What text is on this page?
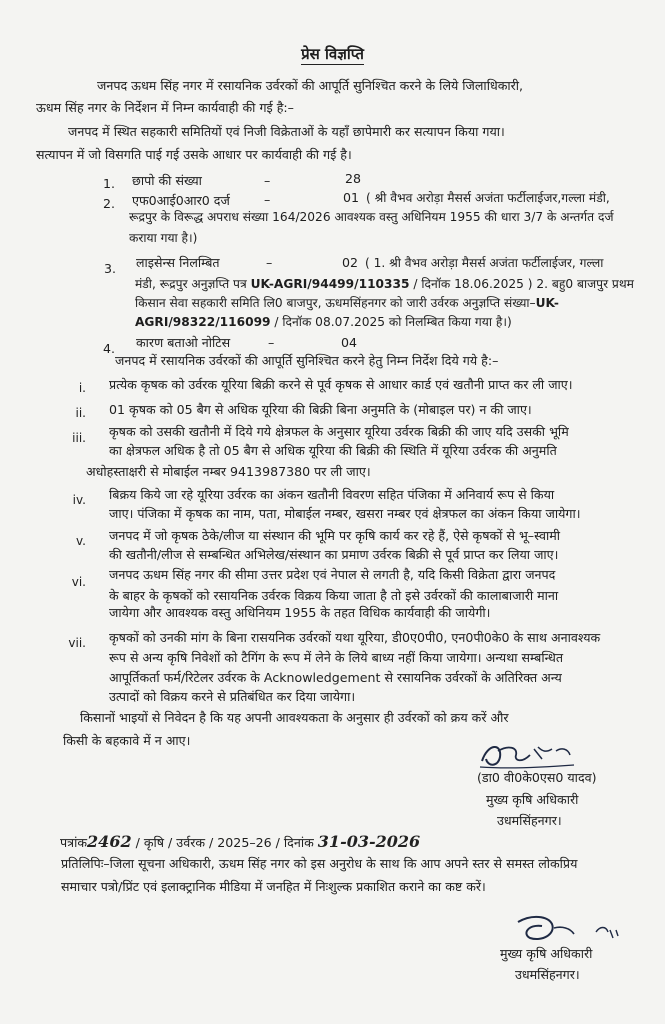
प्रेस विज्ञप्ति
जनपद ऊधम सिंह नगर में रसायनिक उर्वरकों की आपूर्ति सुनिश्चित करने के लिये जिलाधिकारी,
ऊधम सिंह नगर के निर्देशन में निम्न कार्यवाही की गई है:–
जनपद में स्थित सहकारी समितियों एवं निजी विक्रेताओं के यहाँ छापेमारी कर सत्यापन किया गया।
सत्यापन में जो विसगति पाई गई उसके आधार पर कार्यवाही की गई है।
1. छापो की संख्या	–	28
2. एफ0आई0आर0 दर्ज	–	01 ( श्री वैभव अरोड़ा मैसर्स अजंता फर्टीलाईजर,गल्ला मंडी,
रूद्रपुर के विरूद्ध अपराध संख्या 164/2026 आवश्यक वस्तु अधिनियम 1955 की धारा 3/7 के अन्तर्गत दर्ज
कराया गया है।)
3. लाइसेन्स निलम्बित	–	02 ( 1. श्री वैभव अरोड़ा मैसर्स अजंता फर्टीलाईजर, गल्ला
मंडी, रूद्रपुर अनुज्ञप्ति पत्र UK-AGRI/94499/110335 / दिनॉक 18.06.2025 ) 2. बहु0 बाजपुर प्रथम
किसान सेवा सहकारी समिति लि0 बाजपुर, ऊधमसिंहनगर को जारी उर्वरक अनुज्ञप्ति संख्या–UK-
AGRI/98322/116099 / दिनॉक 08.07.2025 को निलम्बित किया गया है।)
4. कारण बताओ नोटिस	–	04
जनपद में रसायनिक उर्वरकों की आपूर्ति सुनिश्चित करने हेतु निम्न निर्देश दिये गये है:–
i. प्रत्येक कृषक को उर्वरक यूरिया बिक्री करने से पूर्व कृषक से आधार कार्ड एवं खतौनी प्राप्त कर ली जाए।
ii. 01 कृषक को 05 बैग से अधिक यूरिया की बिक्री बिना अनुमति के (मोबाइल पर) न की जाए।
iii. कृषक को उसकी खतौनी में दिये गये क्षेत्रफल के अनुसार यूरिया उर्वरक बिक्री की जाए यदि उसकी भूमि
का क्षेत्रफल अधिक है तो 05 बैग से अधिक यूरिया की बिक्री की स्थिति में यूरिया उर्वरक की अनुमति
अधोहस्ताक्षरी से मोबाईल नम्बर 9413987380 पर ली जाए।
iv. बिक्रय किये जा रहे यूरिया उर्वरक का अंकन खतौनी विवरण सहित पंजिका में अनिवार्य रूप से किया
जाए। पंजिका में कृषक का नाम, पता, मोबाईल नम्बर, खसरा नम्बर एवं क्षेत्रफल का अंकन किया जायेगा।
v. जनपद में जो कृषक ठेके/लीज या संस्थान की भूमि पर कृषि कार्य कर रहे हैं, ऐसे कृषकों से भू–स्वामी
की खतौनी/लीज से सम्बन्धित अभिलेख/संस्थान का प्रमाण उर्वरक बिक्री से पूर्व प्राप्त कर लिया जाए।
vi. जनपद ऊधम सिंह नगर की सीमा उत्तर प्रदेश एवं नेपाल से लगती है, यदि किसी विक्रेता द्वारा जनपद
के बाहर के कृषकों को रसायनिक उर्वरक विक्रय किया जाता है तो इसे उर्वरकों की कालाबाजारी माना
जायेगा और आवश्यक वस्तु अधिनियम 1955 के तहत विधिक कार्यवाही की जायेगी।
vii. कृषकों को उनकी मांग के बिना रासयनिक उर्वरकों यथा यूरिया, डी0ए0पी0, एन0पी0के0 के साथ अनावश्यक
रूप से अन्य कृषि निवेशों को टैगिंग के रूप में लेने के लिये बाध्य नहीं किया जायेगा। अन्यथा सम्बन्धित
आपूर्तिकर्ता फर्म/रिटेलर उर्वरक के Acknowledgement से रसायनिक उर्वरकों के अतिरिक्त अन्य
उत्पादों को विक्रय करने से प्रतिबंधित कर दिया जायेगा।
किसानों भाइयों से निवेदन है कि यह अपनी आवश्यकता के अनुसार ही उर्वरकों को क्रय करें और
किसी के बहकावे में न आए।
(डा0 वी0के0एस0 यादव)
मुख्य कृषि अधिकारी
उधमसिंहनगर।
पत्रांक2462 / कृषि / उर्वरक / 2025–26 / दिनांक 31-03-2026
प्रतिलिपिः–जिला सूचना अधिकारी, ऊधम सिंह नगर को इस अनुरोध के साथ कि आप अपने स्तर से समस्त लोकप्रिय
समाचार पत्रो/प्रिंट एवं इलाक्ट्रानिक मीडिया में जनहित में निःशुल्क प्रकाशित कराने का कष्ट करें।
मुख्य कृषि अधिकारी
उधमसिंहनगर।
